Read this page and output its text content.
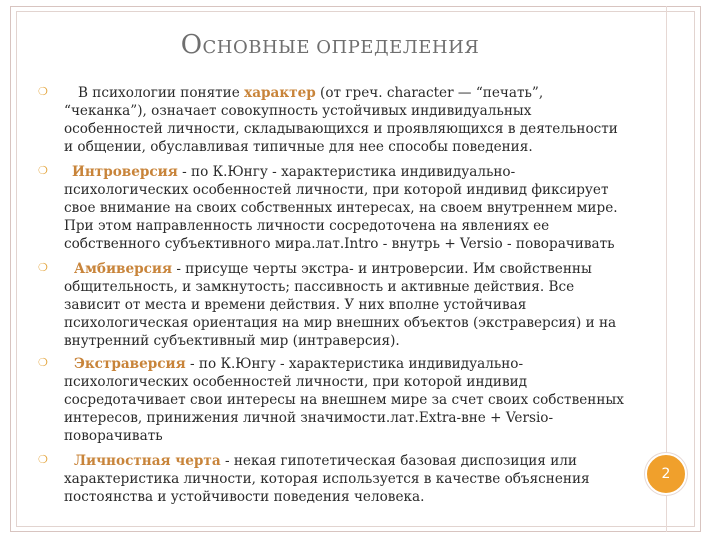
ОСНОВНЫЕ ОПРЕДЕЛЕНИЯ
❍	В психологии понятие характер (от греч. character — “печать”, “чеканка”), означает совокупность устойчивых индивидуальных особенностей личности, складывающихся и проявляющихся в деятельности и общении, обуславливая типичные для нее способы поведения.
❍	Интроверсия - по К.Юнгу - характеристика индивидуально-психологических особенностей личности, при которой индивид фиксирует свое внимание на своих собственных интересах, на своем внутреннем мире. При этом направленность личности сосредоточена на явлениях ее собственного субъективного мира.лат.Intro - внутрь + Versio - поворачивать
❍	Амбиверсия - присуще черты экстра- и интроверсии. Им свойственны общительность, и замкнутость; пассивность и активные действия. Все зависит от места и времени действия. У них вполне устойчивая психологическая ориентация на мир внешних объектов (экстраверсия) и на внутренний субъективный мир (интраверсия).
❍	Экстраверсия - по К.Юнгу - характеристика индивидуально-психологических особенностей личности, при которой индивид сосредотачивает свои интересы на внешнем мире за счет своих собственных интересов, принижения личной значимости.лат.Extra-вне + Versio-поворачивать
❍	Личностная черта - некая гипотетическая базовая диспозиция или характеристика личности, которая используется в качестве объяснения постоянства и устойчивости поведения человека.
2
